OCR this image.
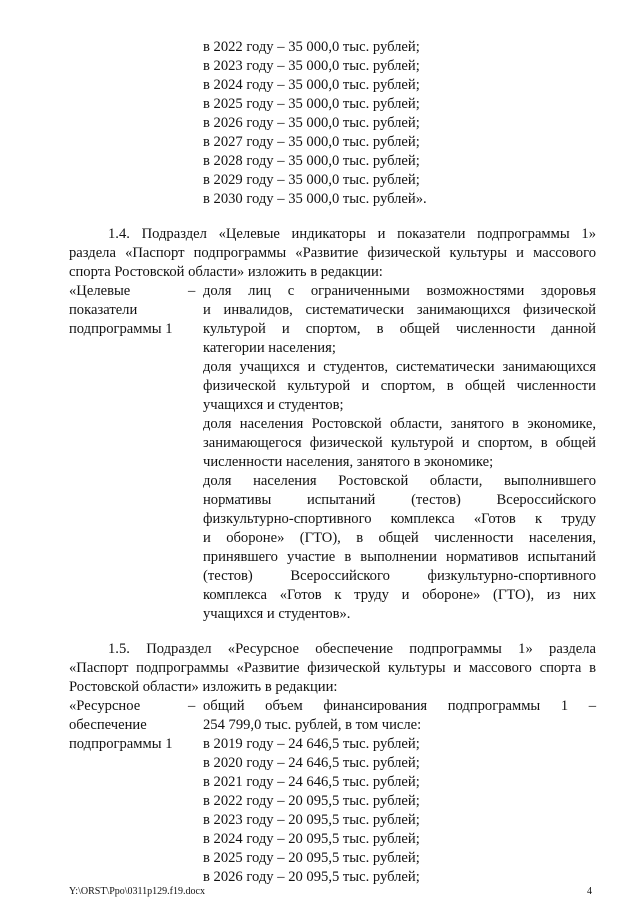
в 2022 году – 35 000,0 тыс. рублей;
в 2023 году – 35 000,0 тыс. рублей;
в 2024 году – 35 000,0 тыс. рублей;
в 2025 году – 35 000,0 тыс. рублей;
в 2026 году – 35 000,0 тыс. рублей;
в 2027 году – 35 000,0 тыс. рублей;
в 2028 году – 35 000,0 тыс. рублей;
в 2029 году – 35 000,0 тыс. рублей;
в 2030 году – 35 000,0 тыс. рублей».
1.4. Подраздел «Целевые индикаторы и показатели подпрограммы 1»
раздела «Паспорт подпрограммы «Развитие физической культуры и массового
спорта Ростовской области» изложить в редакции:
«Целевые
показатели
подпрограммы 1
– доля лиц с ограниченными возможностями здоровья
и инвалидов, систематически занимающихся физической
культурой и спортом, в общей численности данной
категории населения;
доля учащихся и студентов, систематически занимающихся
физической культурой и спортом, в общей численности
учащихся и студентов;
доля населения Ростовской области, занятого в экономике,
занимающегося физической культурой и спортом, в общей
численности населения, занятого в экономике;
доля населения Ростовской области, выполнившего
нормативы испытаний (тестов) Всероссийского
физкультурно-спортивного комплекса «Готов к труду
и обороне» (ГТО), в общей численности населения,
принявшего участие в выполнении нормативов испытаний
(тестов) Всероссийского физкультурно-спортивного
комплекса «Готов к труду и обороне» (ГТО), из них
учащихся и студентов».
1.5. Подраздел «Ресурсное обеспечение подпрограммы 1» раздела
«Паспорт подпрограммы «Развитие физической культуры и массового спорта в
Ростовской области» изложить в редакции:
«Ресурсное
обеспечение
подпрограммы 1
– общий объем финансирования подпрограммы 1 –
254 799,0 тыс. рублей, в том числе:
в 2019 году – 24 646,5 тыс. рублей;
в 2020 году – 24 646,5 тыс. рублей;
в 2021 году – 24 646,5 тыс. рублей;
в 2022 году – 20 095,5 тыс. рублей;
в 2023 году – 20 095,5 тыс. рублей;
в 2024 году – 20 095,5 тыс. рублей;
в 2025 году – 20 095,5 тыс. рублей;
в 2026 году – 20 095,5 тыс. рублей;
Y:\ORST\Ppo\0311p129.f19.docx	4
